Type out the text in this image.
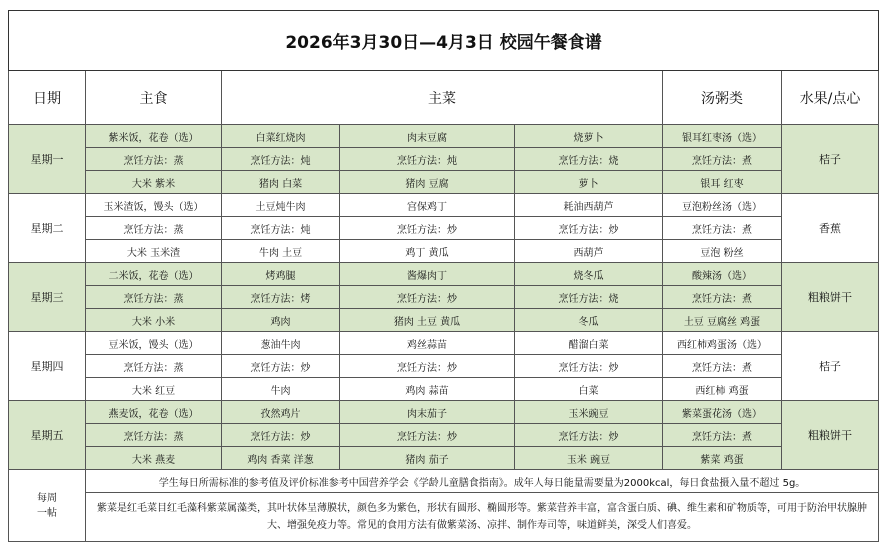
2026年3月30日—4月3日 校园午餐食谱						
日期	主食	主菜			汤粥类	水果/点心
星期一	紫米饭，花卷（选）	白菜红烧肉	肉末豆腐	烧萝卜	银耳红枣汤（选）	桔子
	烹饪方法：蒸	烹饪方法：炖	烹饪方法：炖	烹饪方法：烧	烹饪方法：煮	
	大米 紫米	猪肉 白菜	猪肉 豆腐	萝卜	银耳 红枣	
星期二	玉米渣饭，馒头（选）	土豆炖牛肉	宫保鸡丁	耗油西葫芦	豆泡粉丝汤（选）	香蕉
	烹饪方法：蒸	烹饪方法：炖	烹饪方法：炒	烹饪方法：炒	烹饪方法：煮	
	大米 玉米渣	牛肉 土豆	鸡丁 黄瓜	西葫芦	豆泡 粉丝	
星期三	二米饭，花卷（选）	烤鸡腿	酱爆肉丁	烧冬瓜	酸辣汤（选）	粗粮饼干
	烹饪方法：蒸	烹饪方法：烤	烹饪方法：炒	烹饪方法：烧	烹饪方法：煮	
	大米 小米	鸡肉	猪肉 土豆 黄瓜	冬瓜	土豆 豆腐丝 鸡蛋	
星期四	豆米饭，馒头（选）	葱油牛肉	鸡丝蒜苗	醋溜白菜	西红柿鸡蛋汤（选）	桔子
	烹饪方法：蒸	烹饪方法：炒	烹饪方法：炒	烹饪方法：炒	烹饪方法：煮	
	大米 红豆	牛肉	鸡肉 蒜苗	白菜	西红柿 鸡蛋	
星期五	燕麦饭，花卷（选）	孜然鸡片	肉末茄子	玉米豌豆	紫菜蛋花汤（选）	粗粮饼干
	烹饪方法：蒸	烹饪方法：炒	烹饪方法：炒	烹饪方法：炒	烹饪方法：煮	
	大米 燕麦	鸡肉 香菜 洋葱	猪肉 茄子	玉米 豌豆	紫菜 鸡蛋	

每周
一帖	学生每日所需标准的参考值及评价标准参考中国营养学会《学龄儿童膳食指南》。成年人每日能量需要量为2000kcal，每日食盐摄入量不超过 5g。					
	紫菜是红毛菜目红毛藻科紫菜属藻类，其叶状体呈薄膜状，颜色多为紫色，形状有圆形、椭圆形等。紫菜营养丰富，富含蛋白质、碘、维生素和矿物质等，可用于防治甲状腺肿大、增强免疫力等。常见的食用方法有做紫菜汤、凉拌、制作寿司等，味道鲜美，深受人们喜爱。					
